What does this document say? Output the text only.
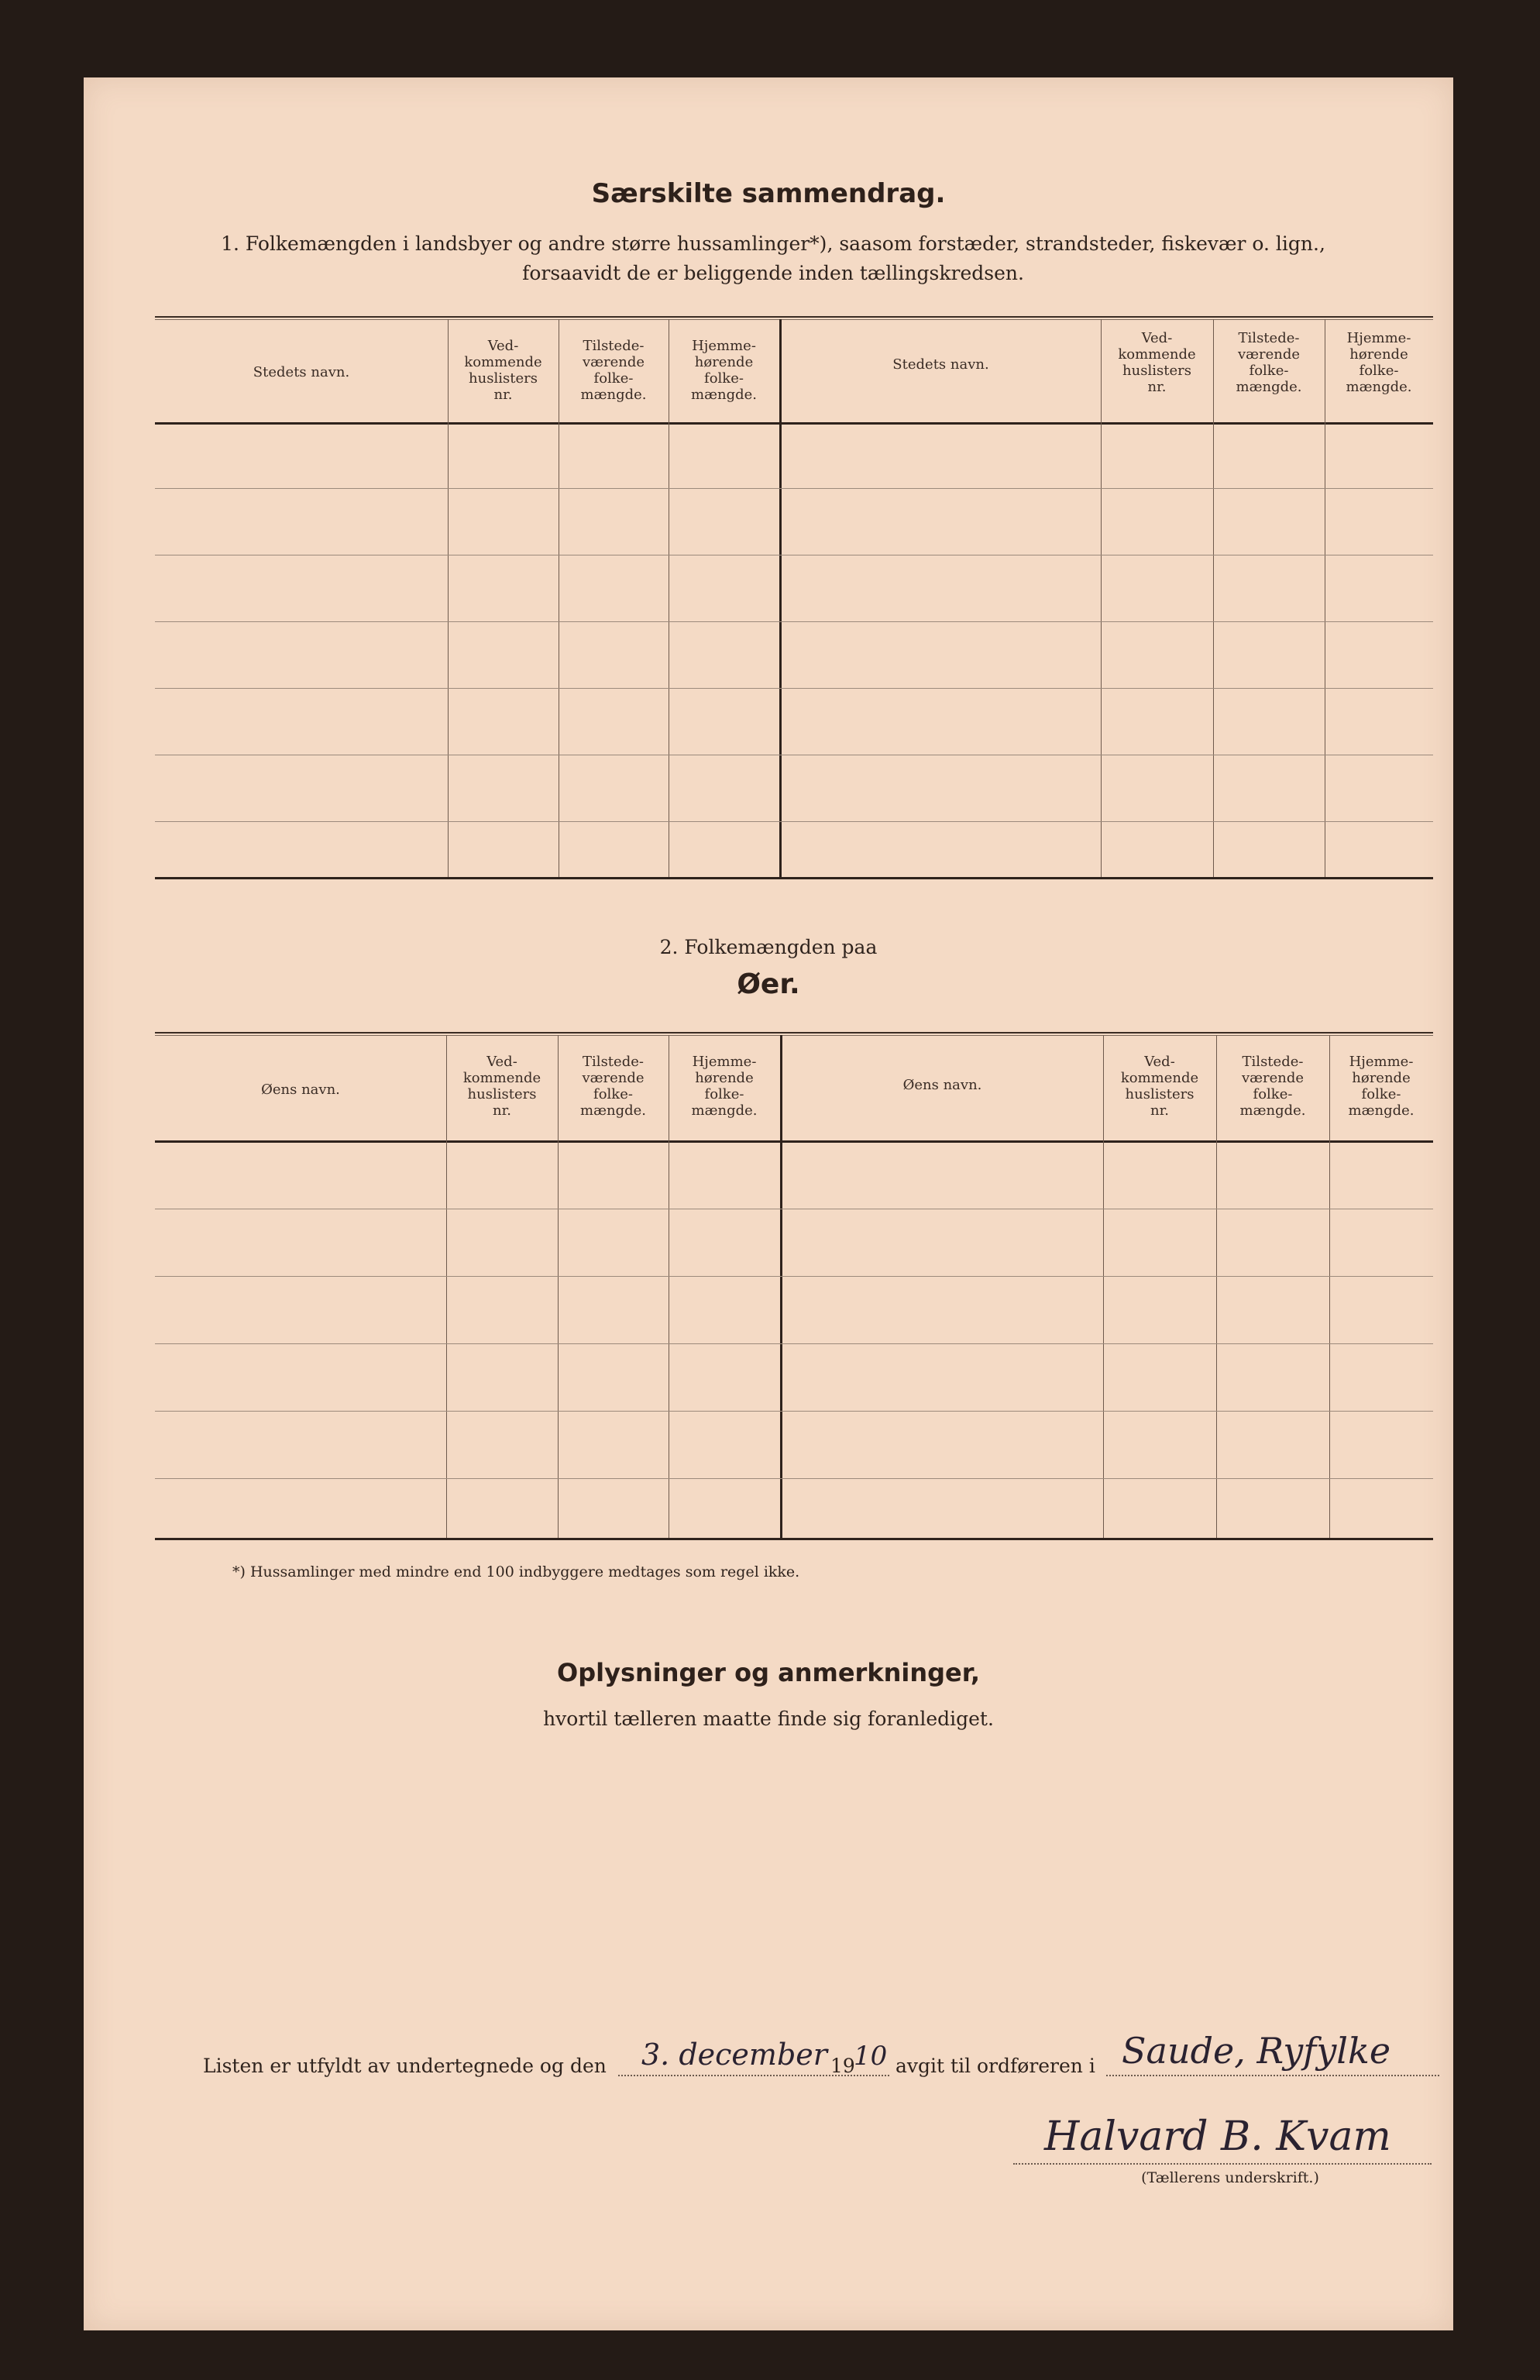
Særskilte sammendrag.
1. Folkemængden i landsbyer og andre større hussamlinger*), saasom forstæder, strandsteder, fiskevær o. lign.,
forsaavidt de er beliggende inden tællingskredsen.
Stedets navn.
Ved-
kommende
huslisters
nr.
Tilstede-
værende
folke-
mængde.
Hjemme-
hørende
folke-
mængde.
Stedets navn.
Ved-
kommende
huslisters
nr.
Tilstede-
værende
folke-
mængde.
Hjemme-
hørende
folke-
mængde.
2. Folkemængden paa
Øer.
Øens navn.
Ved-
kommende
huslisters
nr.
Tilstede-
værende
folke-
mængde.
Hjemme-
hørende
folke-
mængde.
Øens navn.
Ved-
kommende
huslisters
nr.
Tilstede-
værende
folke-
mængde.
Hjemme-
hørende
folke-
mængde.
*) Hussamlinger med mindre end 100 indbyggere medtages som regel ikke.
Oplysninger og anmerkninger,
hvortil tælleren maatte finde sig foranlediget.
Listen er utfyldt av undertegnede og den 3. december 19
10 avgit til ordføreren i Saude, Ryfylke
Halvard B. Kvam
(Tællerens underskrift.)
